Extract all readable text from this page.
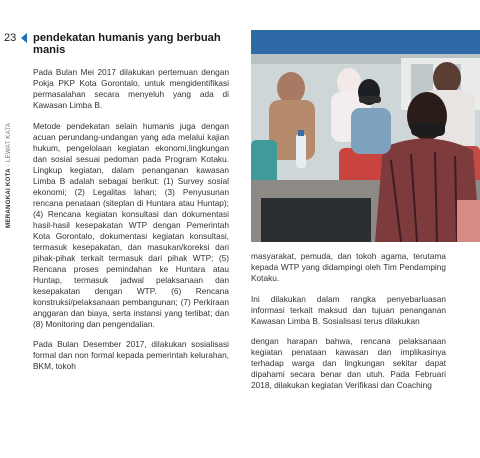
23
MERANGKAI KOTA · LEWAT KATA
pendekatan humanis yang berbuah manis

Pada Bulan Mei 2017 dilakukan pertemuan dengan Pokja PKP Kota Gorontalo, untuk mengidentifikasi permasalahan secara menyeluh yang ada di Kawasan Limba B.

Metode pendekatan selain humanis juga dengan acuan perundang-undangan yang ada melalui kajian hukum, pengelolaan kegiatan ekonomi,lingkungan dan sosial sesuai pedoman pada Program Kotaku. Lingkup kegiatan, dalam penanganan kawasan Limba B adalah sebagai berikut: (1) Survey sosial ekonomi; (2) Legalitas lahan; (3) Penyusunan rencana penataan (siteplan di Huntara atau Huntap); (4) Rencana kegiatan konsultasi dan dokumentasi hasil-hasil kesepakatan WTP dengan Pemerintah Kota Gorontalo, dokumentasi kegiatan konsultasi, termasuk kesepakatan, dan masukan/koreksi dari pihak-pihak terkait termasuk dari pihak WTP; (5) Rencana proses pemindahan ke Huntara atau Huntap, termasuk jadwal pelaksanaan dan kesepakatan dengan WTP. (6) Rencana konstruksi/pelaksanaan pembangunan; (7) Perkiraan anggaran dan biaya, serta instansi yang terlibat; dan (8) Monitoring dan pengendalian.

Pada Bulan Desember 2017, dilakukan sosialisasi formal dan non formal kepada pemerintah kelurahan, BKM, tokoh

masyarakat, pemuda, dan tokoh agama, terutama kepada WTP yang didampingi oleh Tim Pendamping Kotaku.

Ini dilakukan dalam rangka penyebarluasan informasi terkait maksud dan tujuan penanganan Kawasan Limba B. Sosialisasi terus dilakukan

dengan harapan bahwa, rencana pelaksanaan kegiatan penataan kawasan dan implikasinya terhadap warga dan lingkungan sekitar dapat dipahami secara benar dan utuh. Pada Februari 2018, dilakukan kegiatan Verifikasi dan Coaching
